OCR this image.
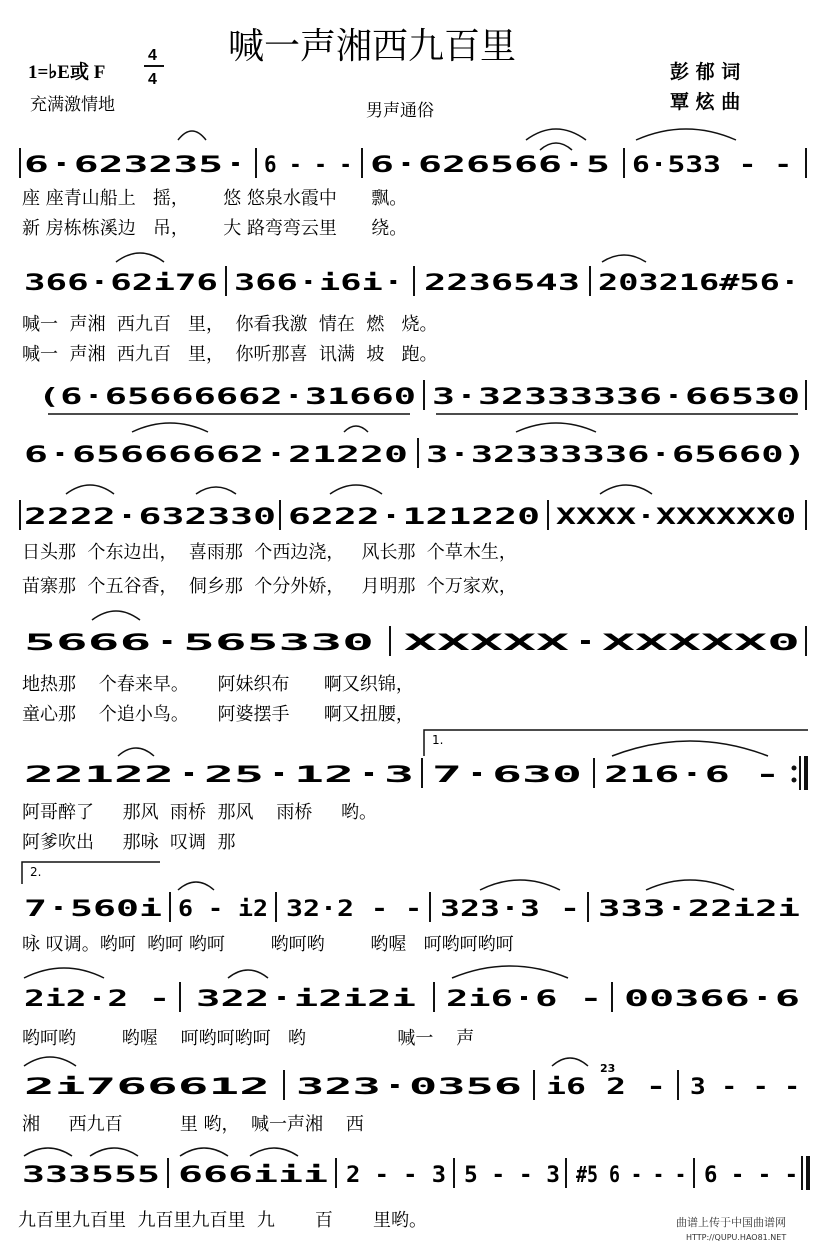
1=♭E或 F
4
4
喊一声湘西九百里
充满激情地	男声通俗
彭 郁 词
覃 炫 曲
6·623235· 6 - - - 6·626566·5 6·533 - -
座 座青山船上   摇，      悠 悠泉水霞中      飘。
新 房栋栋溪边   吊，      大 路弯弯云里      绕。
366·62i76 366·i6i· 2236543 203216#56·
喊一  声湘  西九百   里，  你看我激  情在  燃   烧。
喊一  声湘  西九百   里，  你听那喜  讯满  坡   跑。
(6·65666662·31660 3·32333336·66530
6·65666662·21220 3·32333336·65660)
2222·632330 6222·121220 XXXX·XXXXXX0
日头那  个东边出，  喜雨那  个西边浇，   风长那  个草木生，
苗寨那  个五谷香，  侗乡那  个分外娇，   月明那  个万家欢，
5666·565330 XXXXX·XXXXX0
地热那    个春来早。     阿妹织布      啊又织锦，
童心那    个追小鸟。     阿婆摆手      啊又扭腰，
1.
22122·25·12·3 7·630 216·6 -
阿哥醉了     那风  雨桥  那风    雨桥     哟。
阿爹吹出     那咏  叹调  那
2.
7·560i 6 - i2 32·2 - - 323·3 - 333·22i2i
咏 叹调。哟呵  哟呵 哟呵        哟呵哟        哟喔   呵哟呵哟呵
2i2·2 - 322·i2i2i 2i6·6 - 00366·6
哟呵哟        哟喔    呵哟呵哟呵   哟                喊一    声
2i766612 323·0356
23
i6 2 - 3 - - -
湘     西九百          里 哟，  喊一声湘    西
333555 666iii 2 - - 3 5 - - 3 #5 6 - - - 6 - - -
九百里九百里  九百里九百里  九       百       里哟。	曲谱上传于中国曲谱网
HTTP://QUPU.HAO81.NET
